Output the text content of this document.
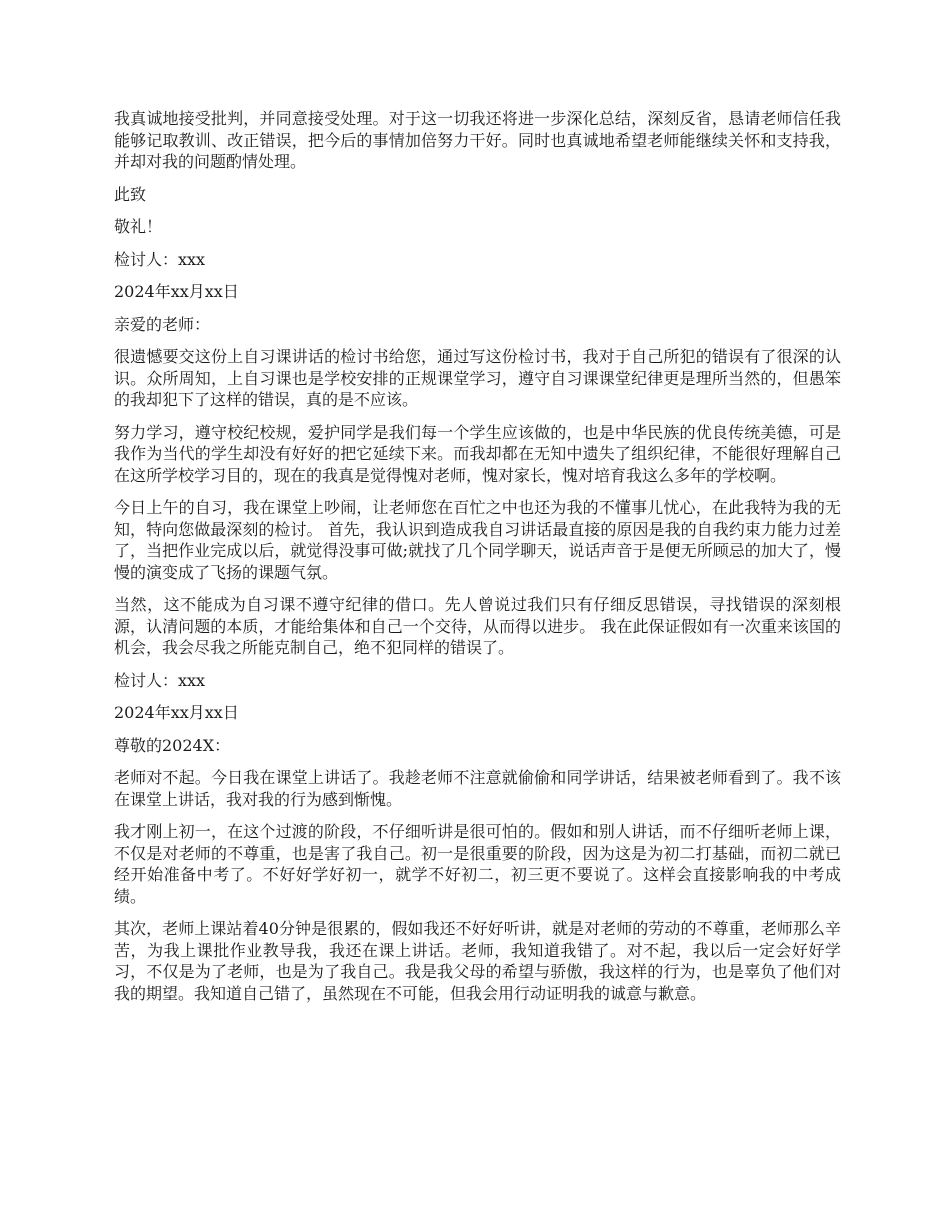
我真诚地接受批判，并同意接受处理。对于这一切我还将进一步深化总结，深刻反省，恳请老师信任我能够记取教训、改正错误，把今后的事情加倍努力干好。同时也真诚地希望老师能继续关怀和支持我，并却对我的问题酌情处理。

此致

敬礼！

检讨人：xxx

2024年xx月xx日

亲爱的老师：

很遗憾要交这份上自习课讲话的检讨书给您，通过写这份检讨书，我对于自己所犯的错误有了很深的认识。众所周知，上自习课也是学校安排的正规课堂学习，遵守自习课课堂纪律更是理所当然的，但愚笨的我却犯下了这样的错误，真的是不应该。

努力学习，遵守校纪校规，爱护同学是我们每一个学生应该做的，也是中华民族的优良传统美德，可是我作为当代的学生却没有好好的把它延续下来。而我却都在无知中遗失了组织纪律，不能很好理解自己在这所学校学习目的，现在的我真是觉得愧对老师，愧对家长，愧对培育我这么多年的学校啊。

今日上午的自习，我在课堂上吵闹，让老师您在百忙之中也还为我的不懂事儿忧心，在此我特为我的无知，特向您做最深刻的检讨。 首先，我认识到造成我自习讲话最直接的原因是我的自我约束力能力过差了，当把作业完成以后，就觉得没事可做;就找了几个同学聊天，说话声音于是便无所顾忌的加大了，慢慢的演变成了飞扬的课题气氛。

当然，这不能成为自习课不遵守纪律的借口。先人曾说过我们只有仔细反思错误，寻找错误的深刻根源，认清问题的本质，才能给集体和自己一个交待，从而得以进步。 我在此保证假如有一次重来该国的机会，我会尽我之所能克制自己，绝不犯同样的错误了。

检讨人：xxx

2024年xx月xx日

尊敬的2024X：

老师对不起。今日我在课堂上讲话了。我趁老师不注意就偷偷和同学讲话，结果被老师看到了。我不该在课堂上讲话，我对我的行为感到惭愧。

我才刚上初一，在这个过渡的阶段，不仔细听讲是很可怕的。假如和别人讲话，而不仔细听老师上课，不仅是对老师的不尊重，也是害了我自己。初一是很重要的阶段，因为这是为初二打基础，而初二就已经开始准备中考了。不好好学好初一，就学不好初二，初三更不要说了。这样会直接影响我的中考成绩。

其次，老师上课站着40分钟是很累的，假如我还不好好听讲，就是对老师的劳动的不尊重，老师那么辛苦，为我上课批作业教导我，我还在课上讲话。老师，我知道我错了。对不起，我以后一定会好好学习，不仅是为了老师，也是为了我自己。我是我父母的希望与骄傲，我这样的行为，也是辜负了他们对我的期望。我知道自己错了，虽然现在不可能，但我会用行动证明我的诚意与歉意。
